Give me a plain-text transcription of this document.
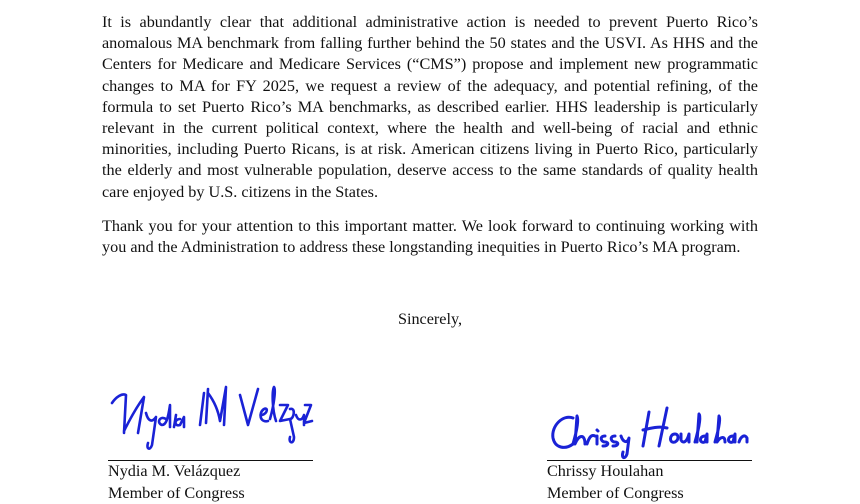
It is abundantly clear that additional administrative action is needed to prevent Puerto Rico’s anomalous MA benchmark from falling further behind the 50 states and the USVI. As HHS and the Centers for Medicare and Medicare Services (“CMS”) propose and implement new programmatic changes to MA for FY 2025, we request a review of the adequacy, and potential refining, of the formula to set Puerto Rico’s MA benchmarks, as described earlier. HHS leadership is particularly relevant in the current political context, where the health and well-being of racial and ethnic minorities, including Puerto Ricans, is at risk. American citizens living in Puerto Rico, particularly the elderly and most vulnerable population, deserve access to the same standards of quality health care enjoyed by U.S. citizens in the States.

Thank you for your attention to this important matter. We look forward to continuing working with you and the Administration to address these longstanding inequities in Puerto Rico’s MA program.

Sincerely,

Nydia M. Velázquez
Member of Congress
Chrissy Houlahan
Member of Congress
